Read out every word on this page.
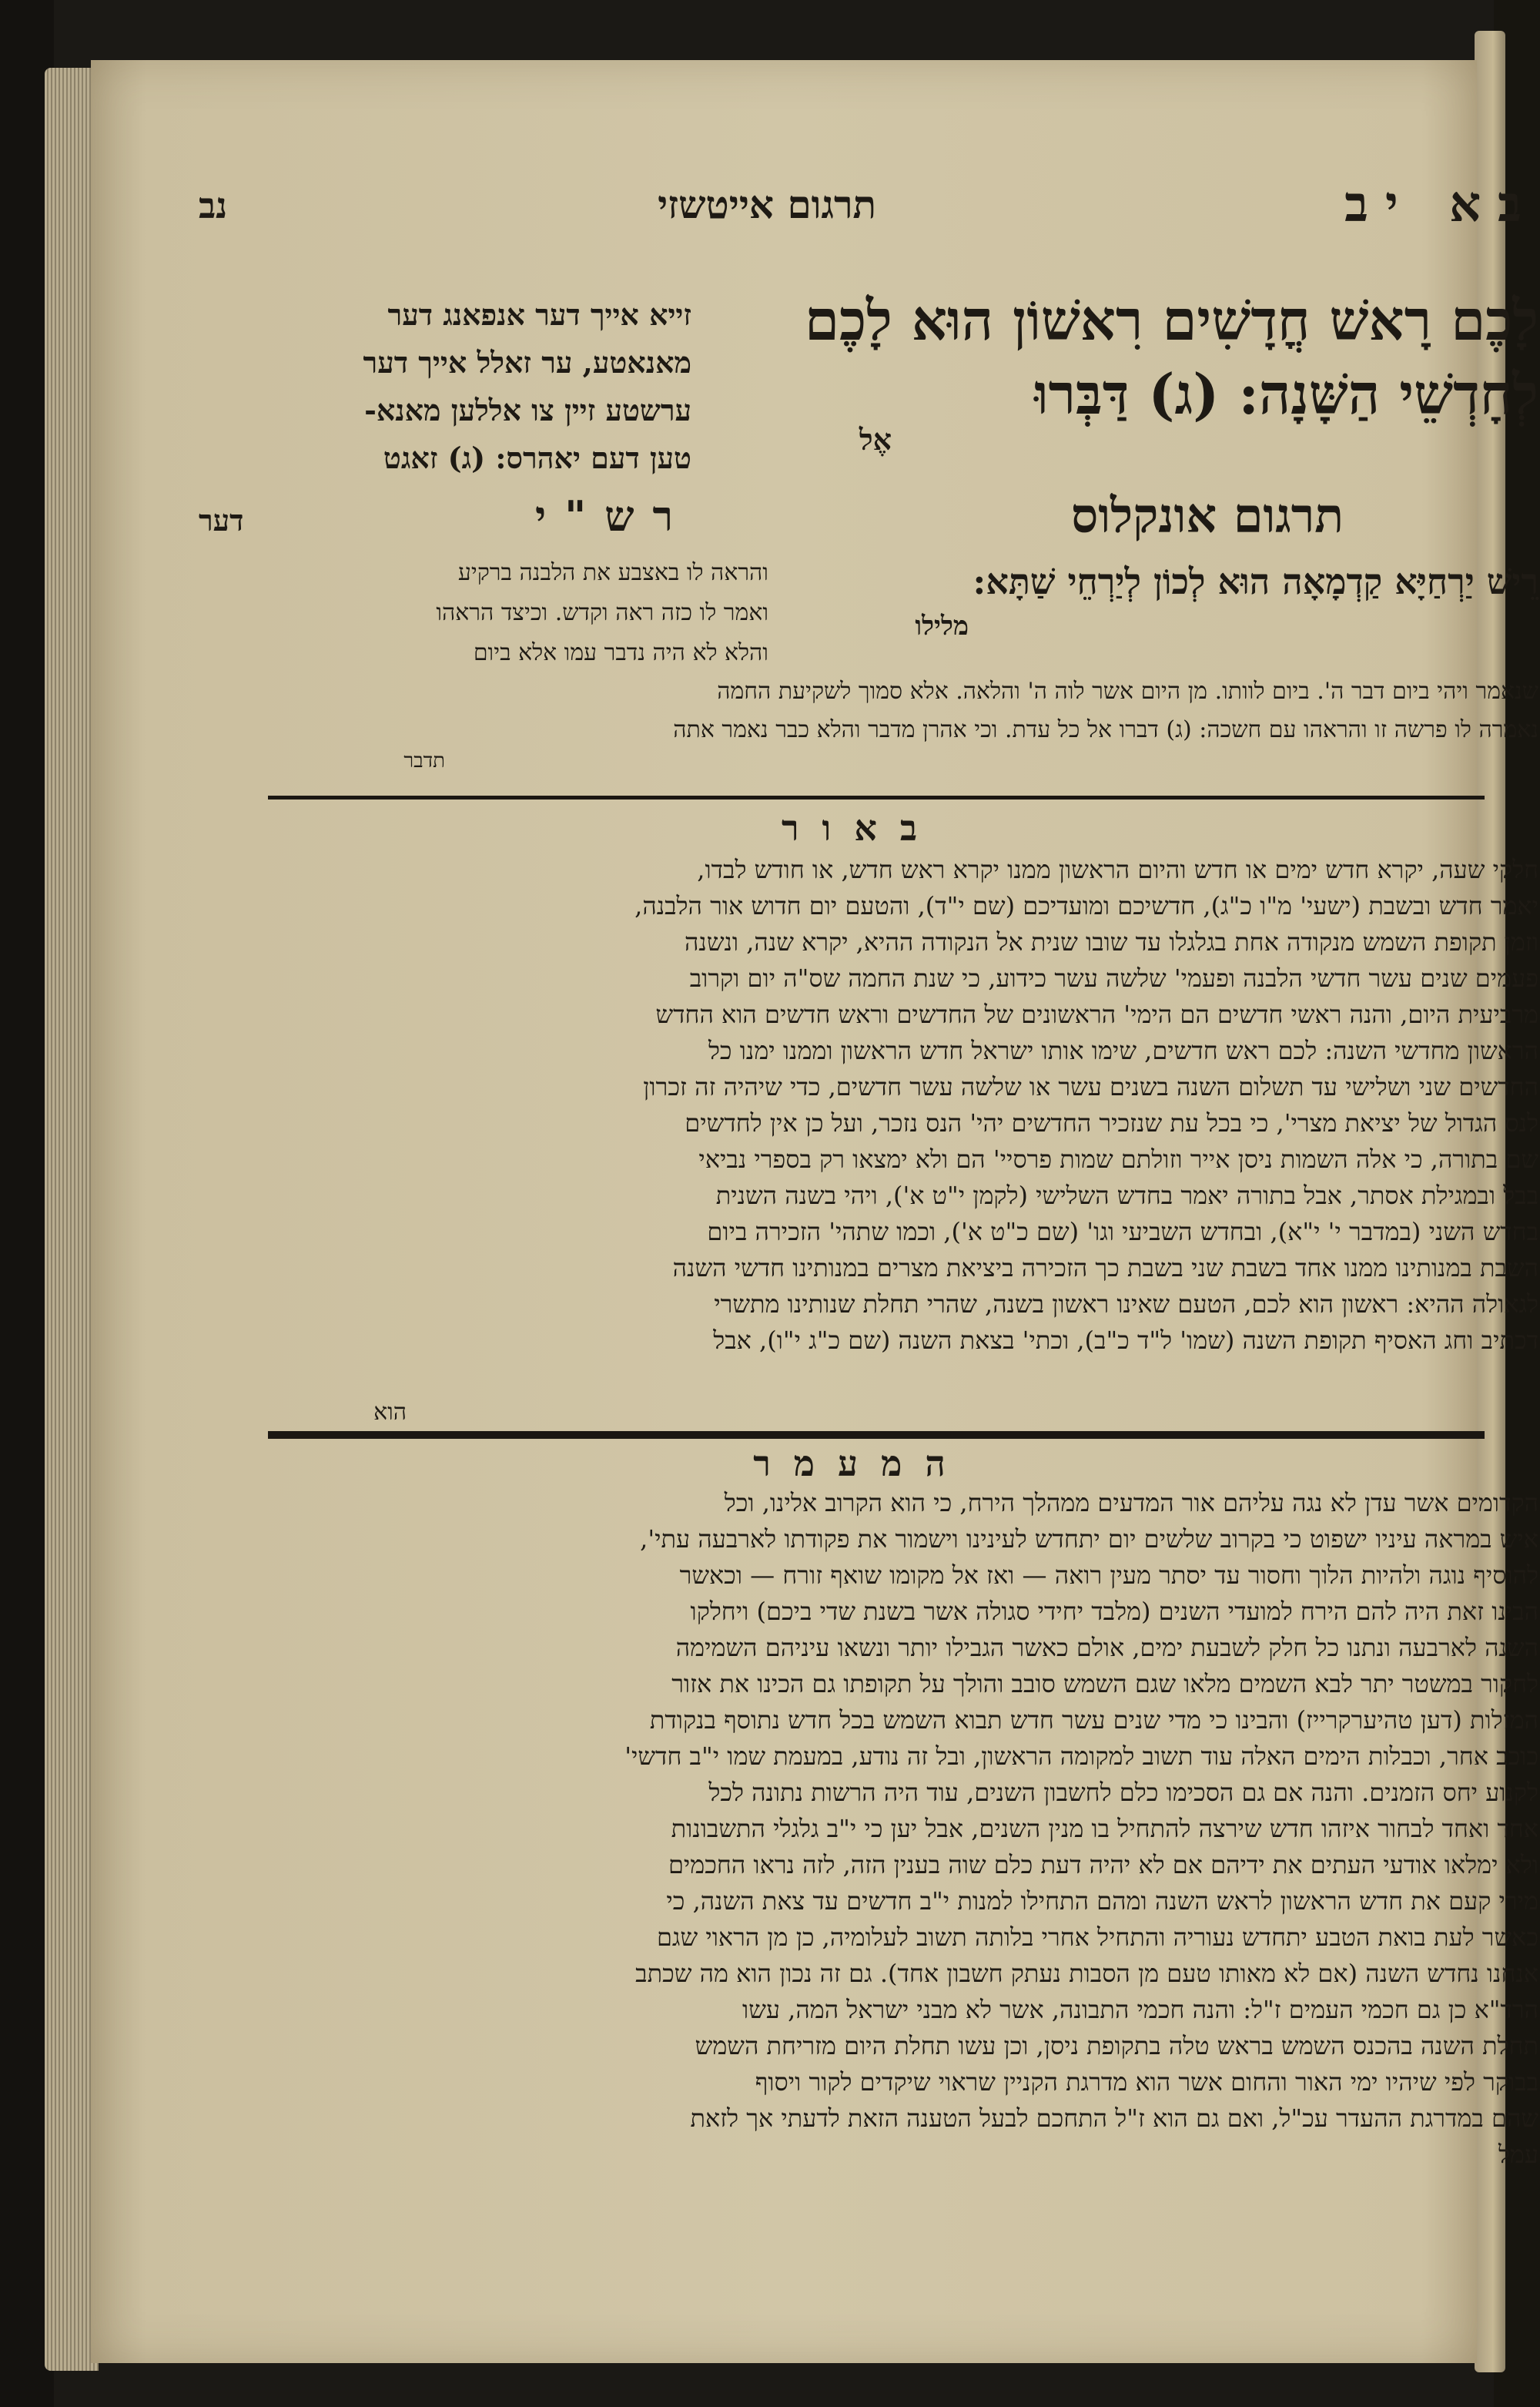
בא יב
תרגום אייטשזי
נב
לָכֶם רָאשׁ חֳדָשִׁים רִאשׁוֹן הוּא לָכֶם לְחָדְשֵׁי הַשָּׁנָה: (ג) דַּבְּרוּ
אֶל
זייא אייך דער אנפאנג דער
מאנאטע, ער זאלל אייך דער
ערשטע זיין צו אללען מאנא-
טען דעם יאהרס: (ג) זאגט
תרגום אונקלוס
רש"י
דער
רֵישׁ יַרְחַיָּא קַדְמָאָה הוּא לְכוֹן לְיַרְחֵי שַׁתָּא:
מלילו
והראה לו באצבע את הלבנה ברקיע
ואמר לו כזה ראה וקדש. וכיצד הראהו
והלא לא היה נדבר עמו אלא ביום
שנאמר ויהי ביום דבר ה'. ביום לוותו. מן היום אשר לוה ה' והלאה. אלא סמוך לשקיעת החמה
נאמרה לו פרשה זו והראהו עם חשכה: (ג) דברו אל כל עדת. וכי אהרן מדבר והלא כבר נאמר אתה
תדבר
באור
חלקי שעה, יקרא חדש ימים או חדש והיום הראשון ממנו יקרא ראש חדש, או חודש לבדו,
יאמר חדש ובשבת (ישעי' מ"ו כ"ג), חדשיכם ומועדיכם (שם י"ד), והטעם יום חדוש אור הלבנה,
וזמן תקופת השמש מנקודה אחת בגלגלו עד שובו שנית אל הנקודה ההיא, יקרא שנה, ונשנה
פעמים שנים עשר חדשי הלבנה ופעמי' שלשה עשר כידוע, כי שנת החמה שס"ה יום וקרוב
מרביעית היום, והנה ראשי חדשים הם הימי' הראשונים של החדשים וראש חדשים הוא החדש
הראשון מחדשי השנה: לכם ראש חדשים, שימו אותו ישראל חדש הראשון וממנו ימנו כל
החדשים שני ושלישי עד תשלום השנה בשנים עשר או שלשה עשר חדשים, כדי שיהיה זה זכרון
לנס הגדול של יציאת מצרי', כי בכל עת שנזכיר החדשים יהי' הנס נזכר, ועל כן אין לחדשים
שם בתורה, כי אלה השמות ניסן אייר וזולתם שמות פרסיי' הם ולא ימצאו רק בספרי נביאי
בבל ובמגילת אסתר, אבל בתורה יאמר בחדש השלישי (לקמן י"ט א'), ויהי בשנה השנית
בחדש השני (במדבר י' י"א), ובחדש השביעי וגו' (שם כ"ט א'), וכמו שתהי' הזכירה ביום
השבת במנותינו ממנו אחד בשבת שני בשבת כך הזכירה ביציאת מצרים במנותינו חדשי השנה
לגאולה ההיא: ראשון הוא לכם, הטעם שאינו ראשון בשנה, שהרי תחלת שנותינו מתשרי
דכתיב וחג האסיף תקופת השנה (שמו' ל"ד כ"ב), וכתי' בצאת השנה (שם כ"ג י"ו), אבל
הוא
המעמר
הקדומים אשר עדן לא נגה עליהם אור המדעים ממהלך הירח, כי הוא הקרוב אלינו, וכל
איש במראה עיניו ישפוט כי בקרוב שלשים יום יתחדש לעינינו וישמור את פקודתו לארבעה עתי',
להוסיף נוגה ולהיות הלוך וחסור עד יסתר מעין רואה — ואז אל מקומו שואף זורח — וכאשר
הבינו זאת היה להם הירח למועדי השנים (מלבד יחידי סגולה אשר בשנת שדי ביכם) ויחלקו
השנה לארבעה ונתנו כל חלק לשבעת ימים, אולם כאשר הגבילו יותר ונשאו עיניהם השמימה
לחקור במשטר יתר לבא השמים מלאו שגם השמש סובב והולך על תקופתו גם הכינו את אזור
המזלות (דען טהיערקרייז) והבינו כי מדי שנים עשר חדש תבוא השמש בכל חדש נתוסף בנקודת
כוכב אחר, וכבלות הימים האלה עוד תשוב למקומה הראשון, ובל זה נודע, במעמת שמו י"ב חדשי'
לקנוע יחס הזמנים. והנה אם גם הסכימו כלם לחשבון השנים, עוד היה הרשות נתונה לכל
אחד ואחד לבחור איזהו חדש שירצה להתחיל בו מנין השנים, אבל יען כי י"ב גלגלי התשבונות
ולא ימלאו אודעי העתים את ידיהם אם לא יהיה דעת כלם שוה בענין הזה, לזה נראו החכמים
מירי קעם את חדש הראשון לראש השנה ומהם התחילו למנות י"ב חדשים עד צאת השנה, כי
כאשר לעת בואת הטבע יתחדש נעוריה והתחיל אחרי בלותה תשוב לעלומיה, כן מן הראוי שגם
אנחנו נחדש השנה (אם לא מאותו טעם מן הסבות נעתק חשבון אחד). גם זה נכון הוא מה שכתב
הרד"א כן גם חכמי העמים ז"ל: והנה חכמי התבונה, אשר לא מבני ישראל המה, עשו
תחלת השנה בהכנס השמש בראש טלה בתקופת ניסן, וכן עשו תחלת היום מזריחת השמש
בבוקר לפי שיהיו ימי האור והחום אשר הוא מדרגת הקניין שראוי שיקדים לקור ויסוף
שהם במדרגת ההעדר עכ"ל, ואם גם הוא ז"ל התחכם לבעל הטענה הזאת לדעתי אך לזאת
עמל
